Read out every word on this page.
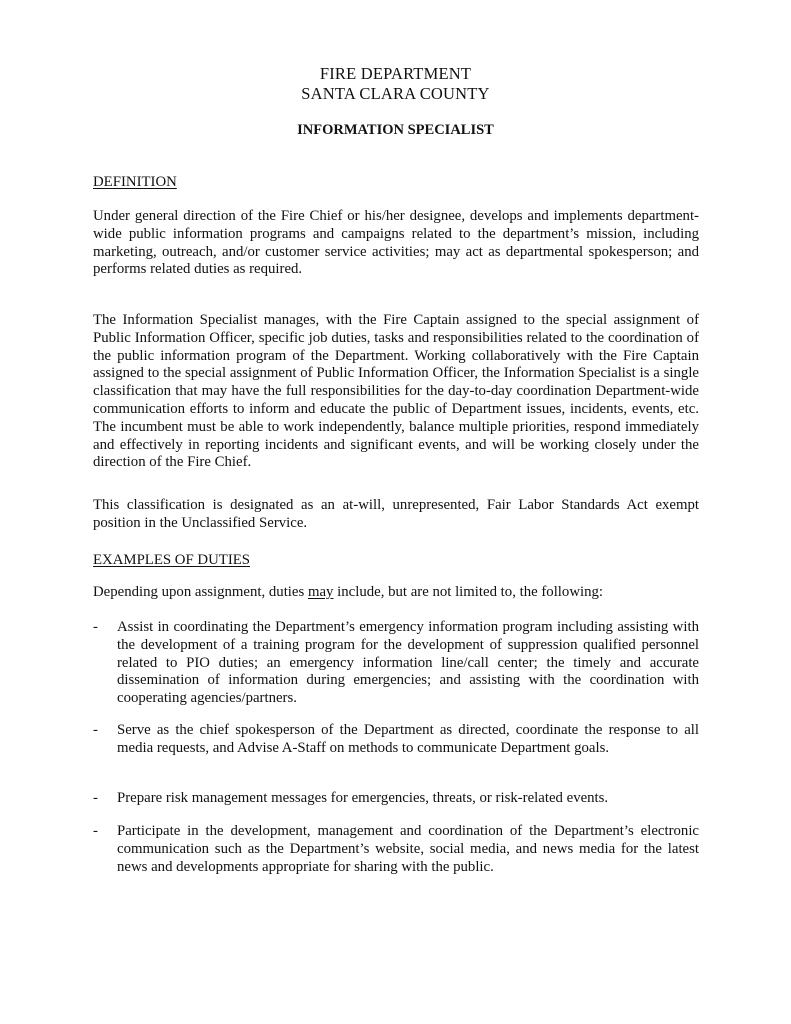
FIRE DEPARTMENT

SANTA CLARA COUNTY

INFORMATION SPECIALIST

DEFINITION

Under general direction of the Fire Chief or his/her designee, develops and implements department-wide public information programs and campaigns related to the department’s mission, including marketing, outreach, and/or customer service activities; may act as departmental spokesperson; and performs related duties as required.

The Information Specialist manages, with the Fire Captain assigned to the special assignment of Public Information Officer, specific job duties, tasks and responsibilities related to the coordination of the public information program of the Department. Working collaboratively with the Fire Captain assigned to the special assignment of Public Information Officer, the Information Specialist is a single classification that may have the full responsibilities for the day-to-day coordination Department-wide communication efforts to inform and educate the public of Department issues, incidents, events, etc. The incumbent must be able to work independently, balance multiple priorities, respond immediately and effectively in reporting incidents and significant events, and will be working closely under the direction of the Fire Chief.

This classification is designated as an at-will, unrepresented, Fair Labor Standards Act exempt position in the Unclassified Service.

EXAMPLES OF DUTIES

Depending upon assignment, duties may include, but are not limited to, the following:

- Assist in coordinating the Department’s emergency information program including assisting with the development of a training program for the development of suppression qualified personnel related to PIO duties; an emergency information line/call center; the timely and accurate dissemination of information during emergencies; and assisting with the coordination with cooperating agencies/partners.
- Serve as the chief spokesperson of the Department as directed, coordinate the response to all media requests, and Advise A-Staff on methods to communicate Department goals.
- Prepare risk management messages for emergencies, threats, or risk-related events.
- Participate in the development, management and coordination of the Department’s electronic communication such as the Department’s website, social media, and news media for the latest news and developments appropriate for sharing with the public.
